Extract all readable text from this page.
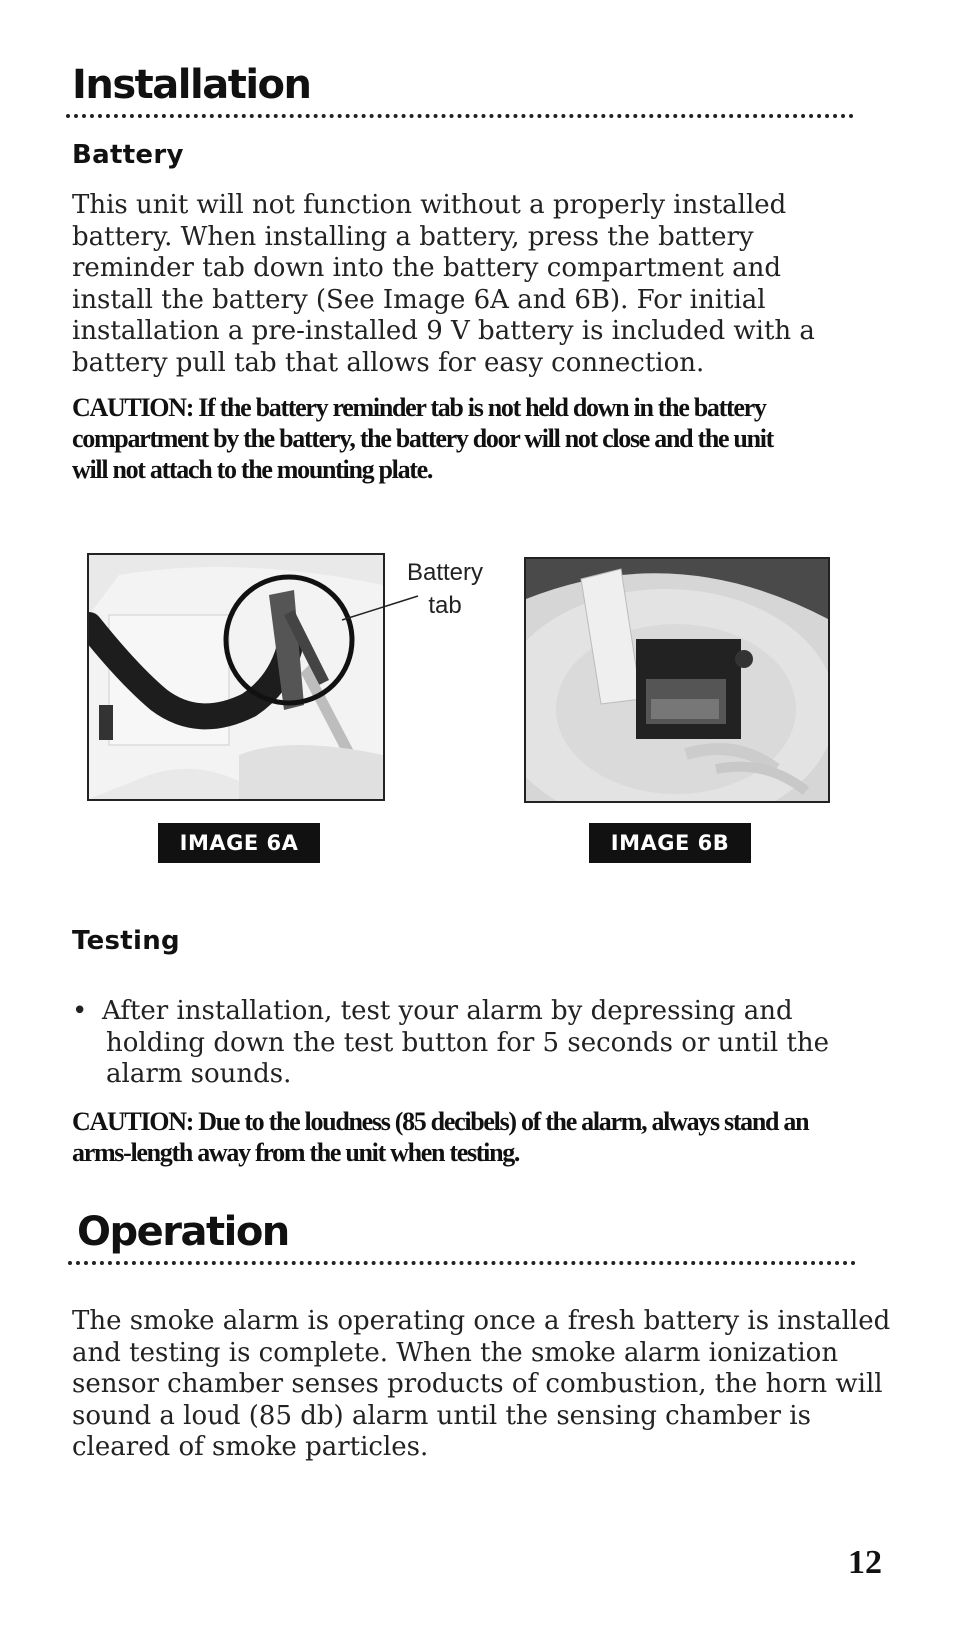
Installation
Battery
This unit will not function without a properly installed
battery. When installing a battery, press the battery
reminder tab down into the battery compartment and
install the battery (See Image 6A and 6B). For initial
installation a pre-installed 9 V battery is included with a
battery pull tab that allows for easy connection.
CAUTION: If the battery reminder tab is not held down in the battery
compartment by the battery, the battery door will not close and the unit
will not attach to the mounting plate.
Battery
tab
IMAGE 6A	IMAGE 6B
Testing
• After installation, test your alarm by depressing and
holding down the test button for 5 seconds or until the
alarm sounds.
CAUTION: Due to the loudness (85 decibels) of the alarm, always stand an
arms-length away from the unit when testing.
Operation
The smoke alarm is operating once a fresh battery is installed
and testing is complete. When the smoke alarm ionization
sensor chamber senses products of combustion, the horn will
sound a loud (85 db) alarm until the sensing chamber is
cleared of smoke particles.
12
